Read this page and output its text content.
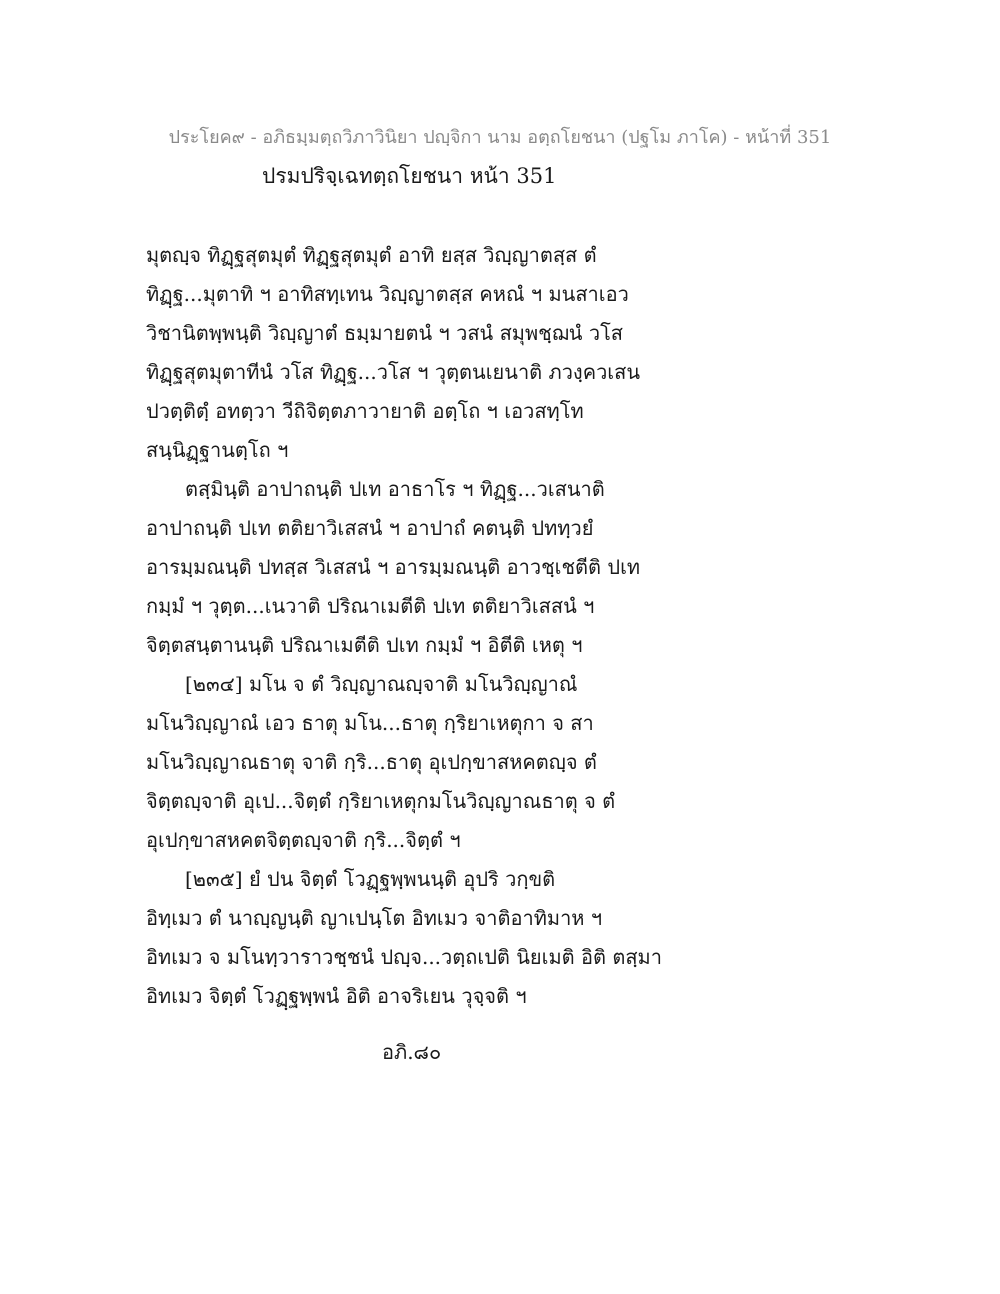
ประโยค๙ - อภิธมฺมตฺถวิภาวินิยา ปญฺจิกา นาม อตฺถโยชนา (ปฐโม ภาโค) - หน้าที่ 351
ปรมปริจฺเฉทตฺถโยชนา หน้า 351
มุตญฺจ ทิฏฺฐสุตมุตํ ทิฏฺฐสุตมุตํ อาทิ ยสฺส วิญฺญาตสฺส ตํ
ทิฏฺฐ...มุตาทิ ฯ อาทิสทฺเทน วิญฺญาตสฺส คหณํ ฯ มนสาเอว
วิชานิตพฺพนฺติ วิญฺญาตํ ธมฺมายตนํ ฯ วสนํ สมุพชฺฌนํ วโส
ทิฏฺฐสุตมุตาทีนํ วโส ทิฏฺฐ...วโส ฯ วุตฺตนเยนาติ ภวงฺควเสน
ปวตฺติตฺํ อทตฺวา วีถิจิตฺตภาวายาติ อตฺโถ ฯ เอวสทฺโท
สนฺนิฏฺฐานตฺโถ ฯ
ตสฺมินฺติ อาปาถนฺติ ปเท อาธาโร ฯ ทิฏฺฐ...วเสนาติ
อาปาถนฺติ ปเท ตติยาวิเสสนํ ฯ อาปาถํ คตนฺติ ปททฺวยํ
อารมฺมณนฺติ ปทสฺส วิเสสนํ ฯ อารมฺมณนฺติ อาวชฺเชตีติ ปเท
กมฺมํ ฯ วุตฺต...เนวาติ ปริณาเมตีติ ปเท ตติยาวิเสสนํ ฯ
จิตฺตสนฺตานนฺติ ปริณาเมตีติ ปเท กมฺมํ ฯ อิตีติ เหตุ ฯ
[๒๓๔] มโน จ ตํ วิญฺญาณญฺจาติ มโนวิญฺญาณํ
มโนวิญฺญาณํ เอว ธาตุ มโน...ธาตุ กฺริยาเหตุกา จ สา
มโนวิญฺญาณธาตุ จาติ กฺริ...ธาตุ อุเปกฺขาสหคตญฺจ ตํ
จิตฺตญฺจาติ อุเป...จิตฺตํ กฺริยาเหตุกมโนวิญฺญาณธาตุ จ ตํ
อุเปกฺขาสหคตจิตฺตญฺจาติ กฺริ...จิตฺตํ ฯ
[๒๓๕] ยํ ปน จิตฺตํ โวฏฺฐพฺพนนฺติ อุปริ วกฺขติ
อิทฺเมว ตํ นาญฺญนฺติ ญาเปนฺโต อิทเมว จาติอาทิมาห ฯ
อิทเมว จ มโนทฺวาราวชฺชนํ ปญฺจ...วตฺถเปติ นิยเมติ อิติ ตสฺมา
อิทเมว จิตฺตํ โวฏฺฐพฺพนํ อิติ อาจริเยน วุจฺจติ ฯ
อภิ.๘๐
